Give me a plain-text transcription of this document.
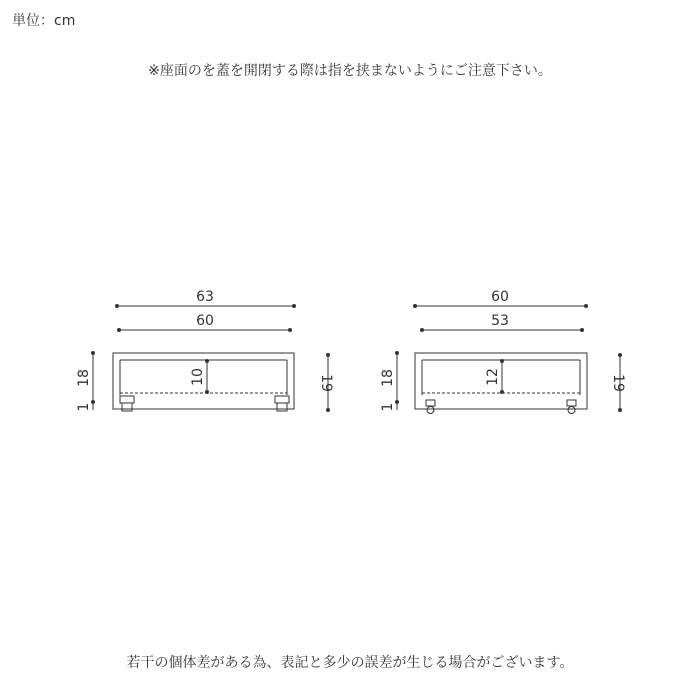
単位：cm
※座面のを蓋を開閉する際は指を挟まないようにご注意下さい。
63
60
10
18
1
19
60
53
12
18
1
19
若干の個体差がある為、表記と多少の誤差が生じる場合がございます。
